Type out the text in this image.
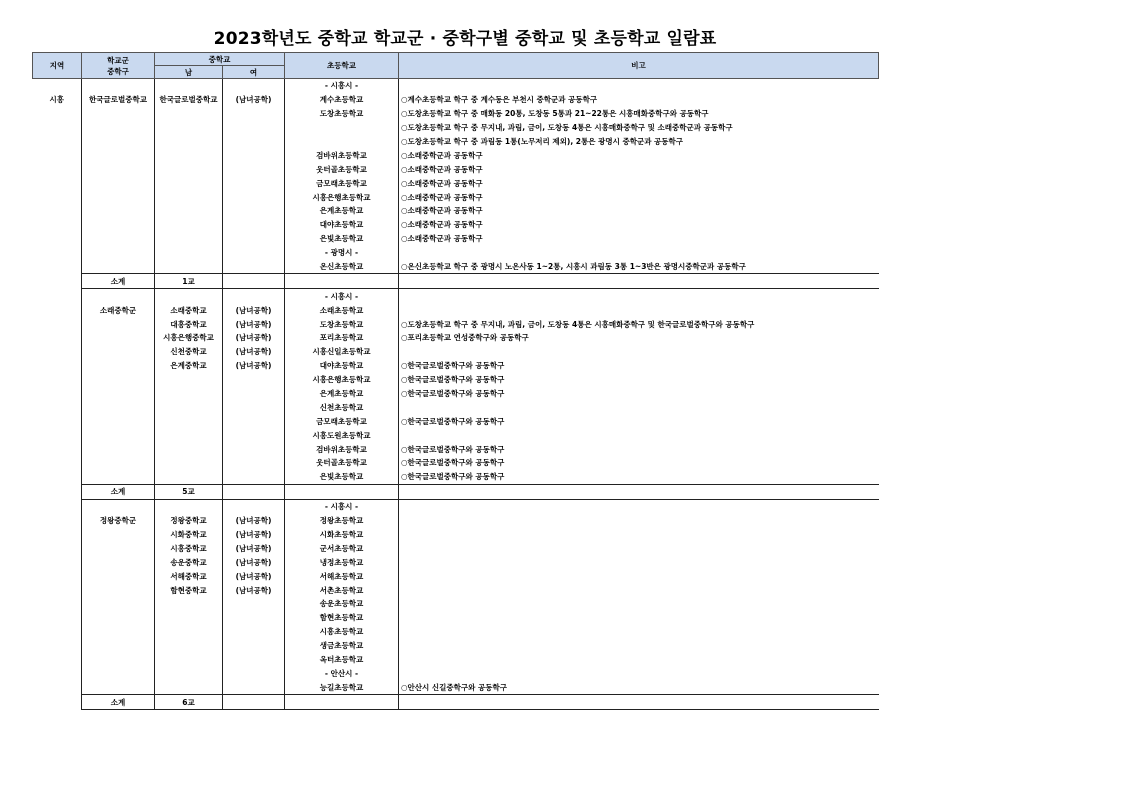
2023학년도 중학교 학교군 · 중학구별 중학교 및 초등학교 일람표
지역	학교군
중학구	중학교		초등학교	비고
		남	여		
				- 시흥시 -	
시흥	한국글로벌중학교	한국글로벌중학교	(남녀공학)	계수초등학교	○계수초등학교 학구 중 계수동은 부천시 중학군과 공동학구
				도창초등학교	○도창초등학교 학구 중 매화동 20통, 도창동 5통과 21~22통은 시흥매화중학구와 공동학구
					○도창초등학교 학구 중 무지내, 과림, 금이, 도창동 4통은 시흥매화중학구 및 소래중학군과 공동학구
					○도창초등학교 학구 중 과림동 1통(노무저리 제외), 2통은 광명시 중학군과 공동학구
				검바위초등학교	○소래중학군과 공동학구
				웃터골초등학교	○소래중학군과 공동학구
				금모래초등학교	○소래중학군과 공동학구
				시흥은행초등학교	○소래중학군과 공동학구
				은계초등학교	○소래중학군과 공동학구
				대야초등학교	○소래중학군과 공동학구
				은빛초등학교	○소래중학군과 공동학구
				- 광명시 -	
				온신초등학교	○온신초등학교 학구 중 광명시 노온사동 1~2통, 시흥시 과림동 3통 1~3반은 광명시중학군과 공동학구
	소계	1교			
				- 시흥시 -	
	소래중학군	소래중학교	(남녀공학)	소래초등학교	
		대흥중학교	(남녀공학)	도창초등학교	○도창초등학교 학구 중 무지내, 과림, 금이, 도창동 4통은 시흥매화중학구 및 한국글로벌중학구와 공동학구
		시흥은행중학교	(남녀공학)	포리초등학교	○포리초등학교 연성중학구와 공동학구
		신천중학교	(남녀공학)	시흥신일초등학교	
		은계중학교	(남녀공학)	대야초등학교	○한국글로벌중학구와 공동학구
				시흥은행초등학교	○한국글로벌중학구와 공동학구
				은계초등학교	○한국글로벌중학구와 공동학구
				신천초등학교	
				금모래초등학교	○한국글로벌중학구와 공동학구
				시흥도원초등학교	
				검바위초등학교	○한국글로벌중학구와 공동학구
				웃터골초등학교	○한국글로벌중학구와 공동학구
				은빛초등학교	○한국글로벌중학구와 공동학구
	소계	5교			
				- 시흥시 -	
	정왕중학군	정왕중학교	(남녀공학)	정왕초등학교	
		시화중학교	(남녀공학)	시화초등학교	
		시흥중학교	(남녀공학)	군서초등학교	
		송운중학교	(남녀공학)	냉정초등학교	
		서해중학교	(남녀공학)	서해초등학교	
		함현중학교	(남녀공학)	서촌초등학교	
				송운초등학교	
				함현초등학교	
				시흥초등학교	
				생금초등학교	
				옥터초등학교	
				- 안산시 -	
				능길초등학교	○안산시 신길중학구와 공동학구
	소계	6교			
